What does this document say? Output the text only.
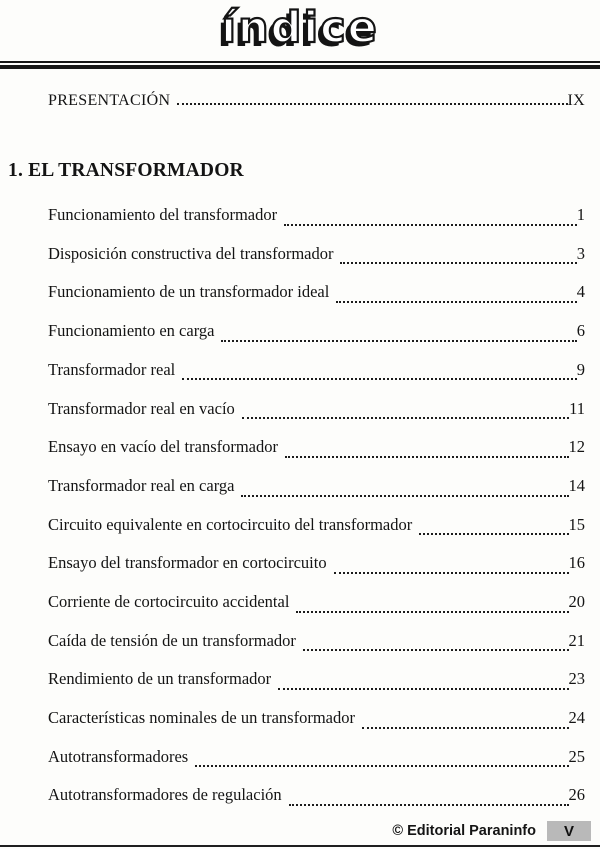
índice
PRESENTACIÓN	IX
1. EL TRANSFORMADOR
Funcionamiento del transformador	1
Disposición constructiva del transformador	3
Funcionamiento de un transformador ideal	4
Funcionamiento en carga	6
Transformador real	9
Transformador real en vacío	11
Ensayo en vacío del transformador	12
Transformador real en carga	14
Circuito equivalente en cortocircuito del transformador	15
Ensayo del transformador en cortocircuito	16
Corriente de cortocircuito accidental	20
Caída de tensión de un transformador	21
Rendimiento de un transformador	23
Características nominales de un transformador	24
Autotransformadores	25
Autotransformadores de regulación	26
© Editorial Paraninfo	V
